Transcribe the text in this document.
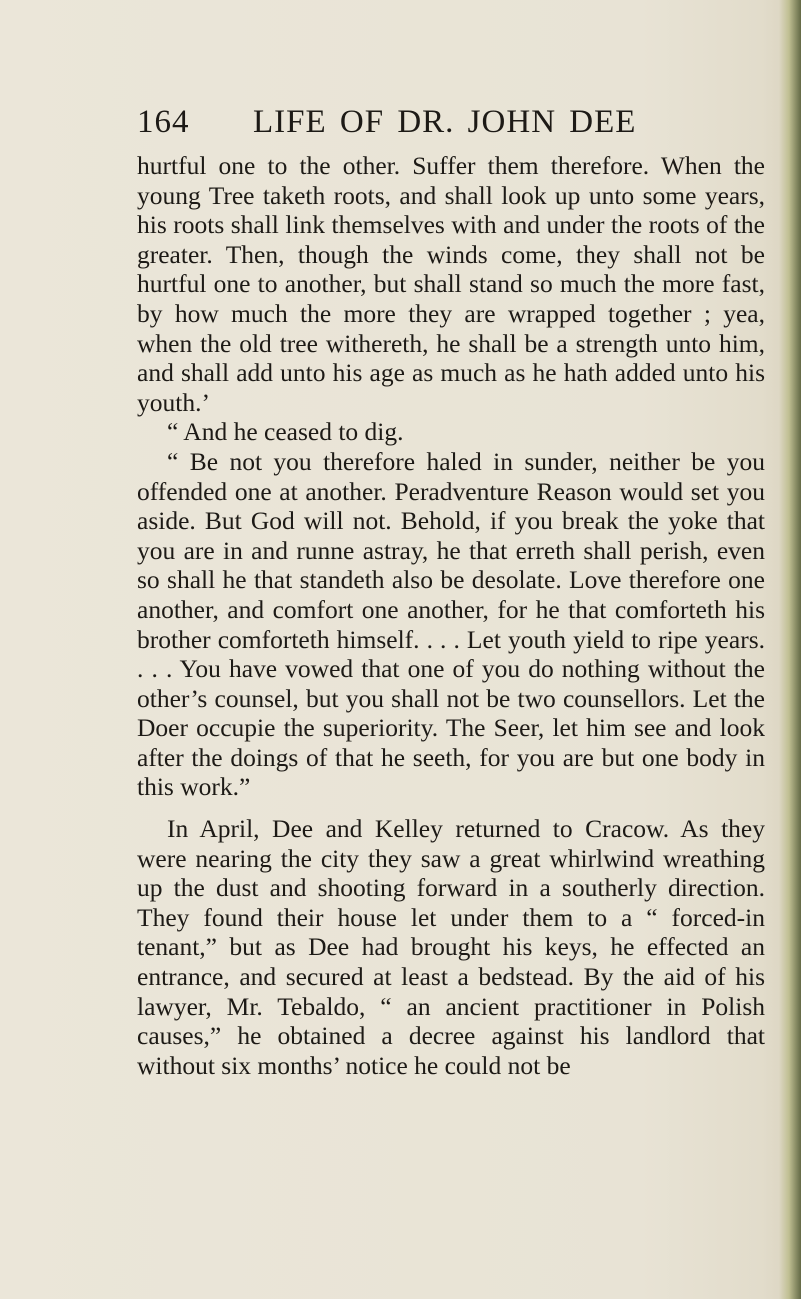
164 LIFE OF DR. JOHN DEE

hurtful one to the other. Suffer them therefore. When the young Tree taketh roots, and shall look up unto some years, his roots shall link themselves with and under the roots of the greater. Then, though the winds come, they shall not be hurtful one to another, but shall stand so much the more fast, by how much the more they are wrapped together ; yea, when the old tree withereth, he shall be a strength unto him, and shall add unto his age as much as he hath added unto his youth.’

“ And he ceased to dig.

“ Be not you therefore haled in sunder, neither be you offended one at another. Peradventure Reason would set you aside. But God will not. Behold, if you break the yoke that you are in and runne astray, he that erreth shall perish, even so shall he that standeth also be desolate. Love therefore one another, and comfort one another, for he that comforteth his brother comforteth himself. . . . Let youth yield to ripe years. . . . You have vowed that one of you do nothing without the other’s counsel, but you shall not be two counsellors. Let the Doer occupie the superiority. The Seer, let him see and look after the doings of that he seeth, for you are but one body in this work.”

In April, Dee and Kelley returned to Cracow. As they were nearing the city they saw a great whirlwind wreathing up the dust and shooting forward in a southerly direction. They found their house let under them to a “ forced-in tenant,” but as Dee had brought his keys, he effected an entrance, and secured at least a bedstead. By the aid of his lawyer, Mr. Tebaldo, “ an ancient practitioner in Polish causes,” he obtained a decree against his landlord that without six months’ notice he could not be
